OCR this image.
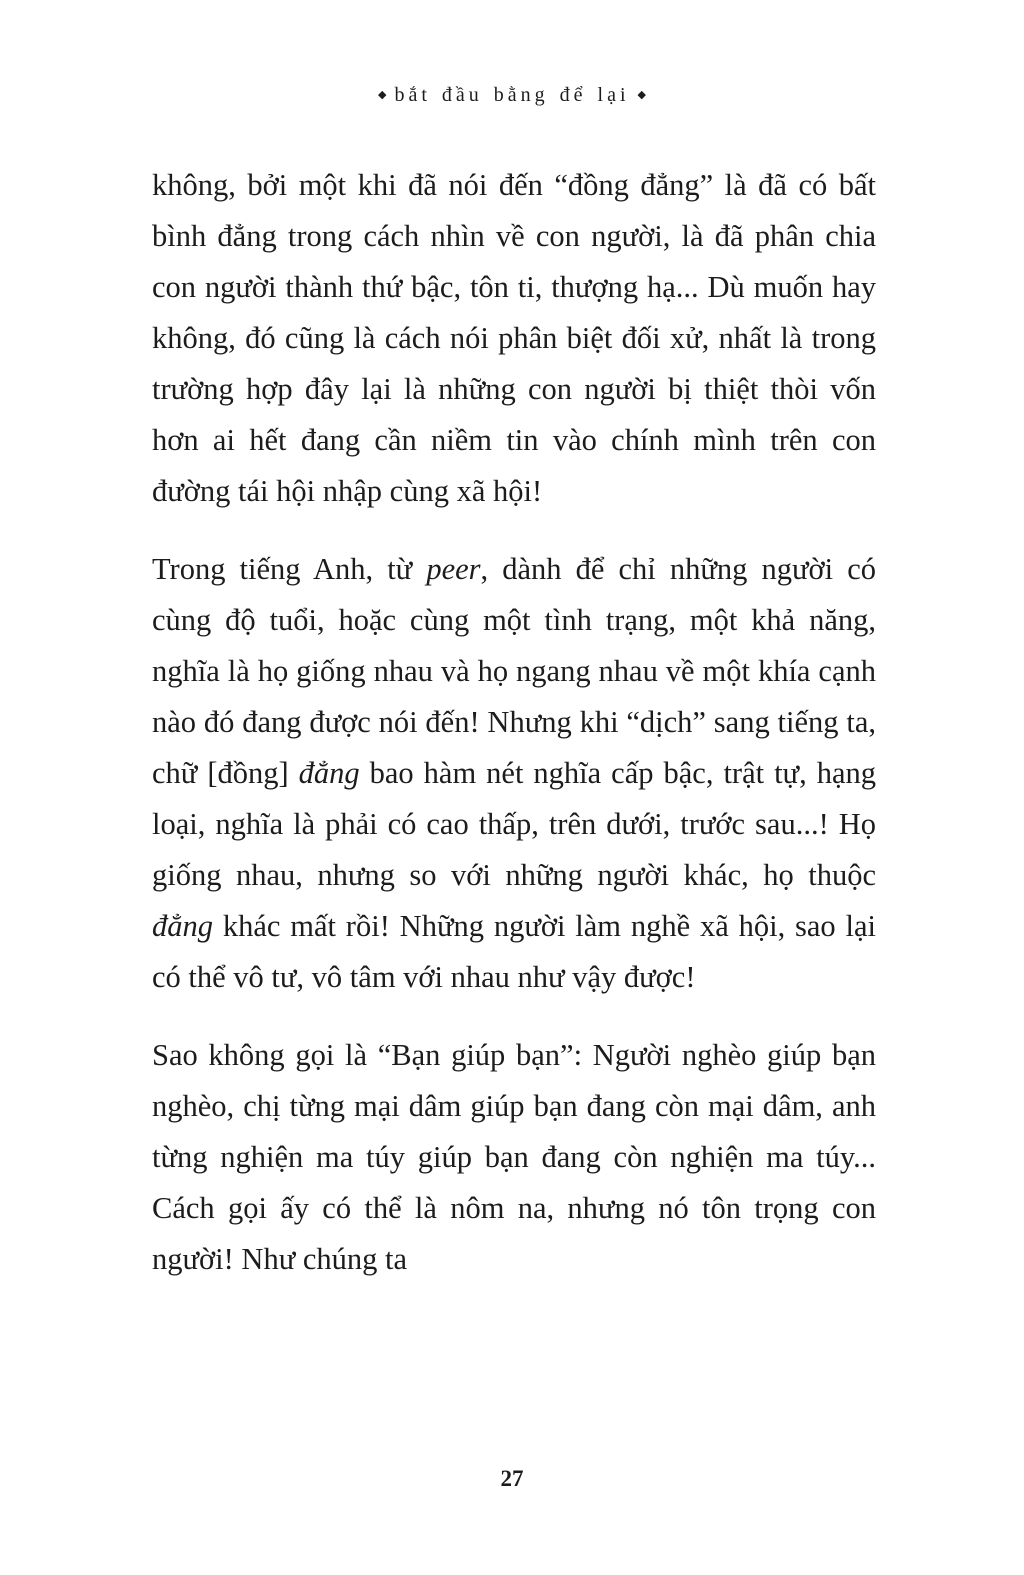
◆ bắt đầu bằng để lại ◆

không, bởi một khi đã nói đến “đồng đẳng” là đã có bất bình đẳng trong cách nhìn về con người, là đã phân chia con người thành thứ bậc, tôn ti, thượng hạ... Dù muốn hay không, đó cũng là cách nói phân biệt đối xử, nhất là trong trường hợp đây lại là những con người bị thiệt thòi vốn hơn ai hết đang cần niềm tin vào chính mình trên con đường tái hội nhập cùng xã hội!

Trong tiếng Anh, từ peer, dành để chỉ những người có cùng độ tuổi, hoặc cùng một tình trạng, một khả năng, nghĩa là họ giống nhau và họ ngang nhau về một khía cạnh nào đó đang được nói đến! Nhưng khi “dịch” sang tiếng ta, chữ [đồng] đẳng bao hàm nét nghĩa cấp bậc, trật tự, hạng loại, nghĩa là phải có cao thấp, trên dưới, trước sau...! Họ giống nhau, nhưng so với những người khác, họ thuộc đẳng khác mất rồi! Những người làm nghề xã hội, sao lại có thể vô tư, vô tâm với nhau như vậy được!

Sao không gọi là “Bạn giúp bạn”: Người nghèo giúp bạn nghèo, chị từng mại dâm giúp bạn đang còn mại dâm, anh từng nghiện ma túy giúp bạn đang còn nghiện ma túy... Cách gọi ấy có thể là nôm na, nhưng nó tôn trọng con người! Như chúng ta

27
